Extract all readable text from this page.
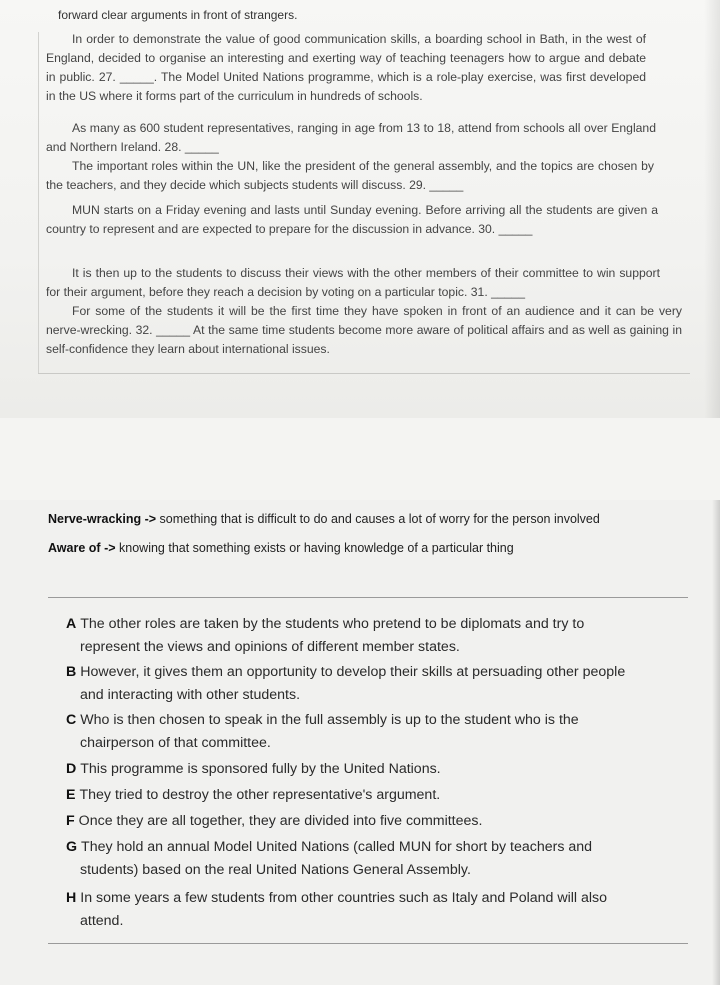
forward clear arguments in front of strangers.
In order to demonstrate the value of good communication skills, a boarding school in Bath, in the west of England, decided to organise an interesting and exerting way of teaching teenagers how to argue and debate in public. 27. _____. The Model United Nations programme, which is a role-play exercise, was first developed in the US where it forms part of the curriculum in hundreds of schools.
As many as 600 student representatives, ranging in age from 13 to 18, attend from schools all over England and Northern Ireland. 28. _____
The important roles within the UN, like the president of the general assembly, and the topics are chosen by the teachers, and they decide which subjects students will discuss. 29. _____
MUN starts on a Friday evening and lasts until Sunday evening. Before arriving all the students are given a country to represent and are expected to prepare for the discussion in advance. 30. _____
It is then up to the students to discuss their views with the other members of their committee to win support for their argument, before they reach a decision by voting on a particular topic. 31. _____
For some of the students it will be the first time they have spoken in front of an audience and it can be very nerve-wrecking. 32. _____ At the same time students become more aware of political affairs and as well as gaining in self-confidence they learn about international issues.
Nerve-wracking -> something that is difficult to do and causes a lot of worry for the person involved
Aware of -> knowing that something exists or having knowledge of a particular thing
A The other roles are taken by the students who pretend to be diplomats and try to
represent the views and opinions of different member states.
B However, it gives them an opportunity to develop their skills at persuading other people
and interacting with other students.
C Who is then chosen to speak in the full assembly is up to the student who is the
chairperson of that committee.
D This programme is sponsored fully by the United Nations.
E They tried to destroy the other representative's argument.
F Once they are all together, they are divided into five committees.
G They hold an annual Model United Nations (called MUN for short by teachers and
students) based on the real United Nations General Assembly.
H In some years a few students from other countries such as Italy and Poland will also
attend.
